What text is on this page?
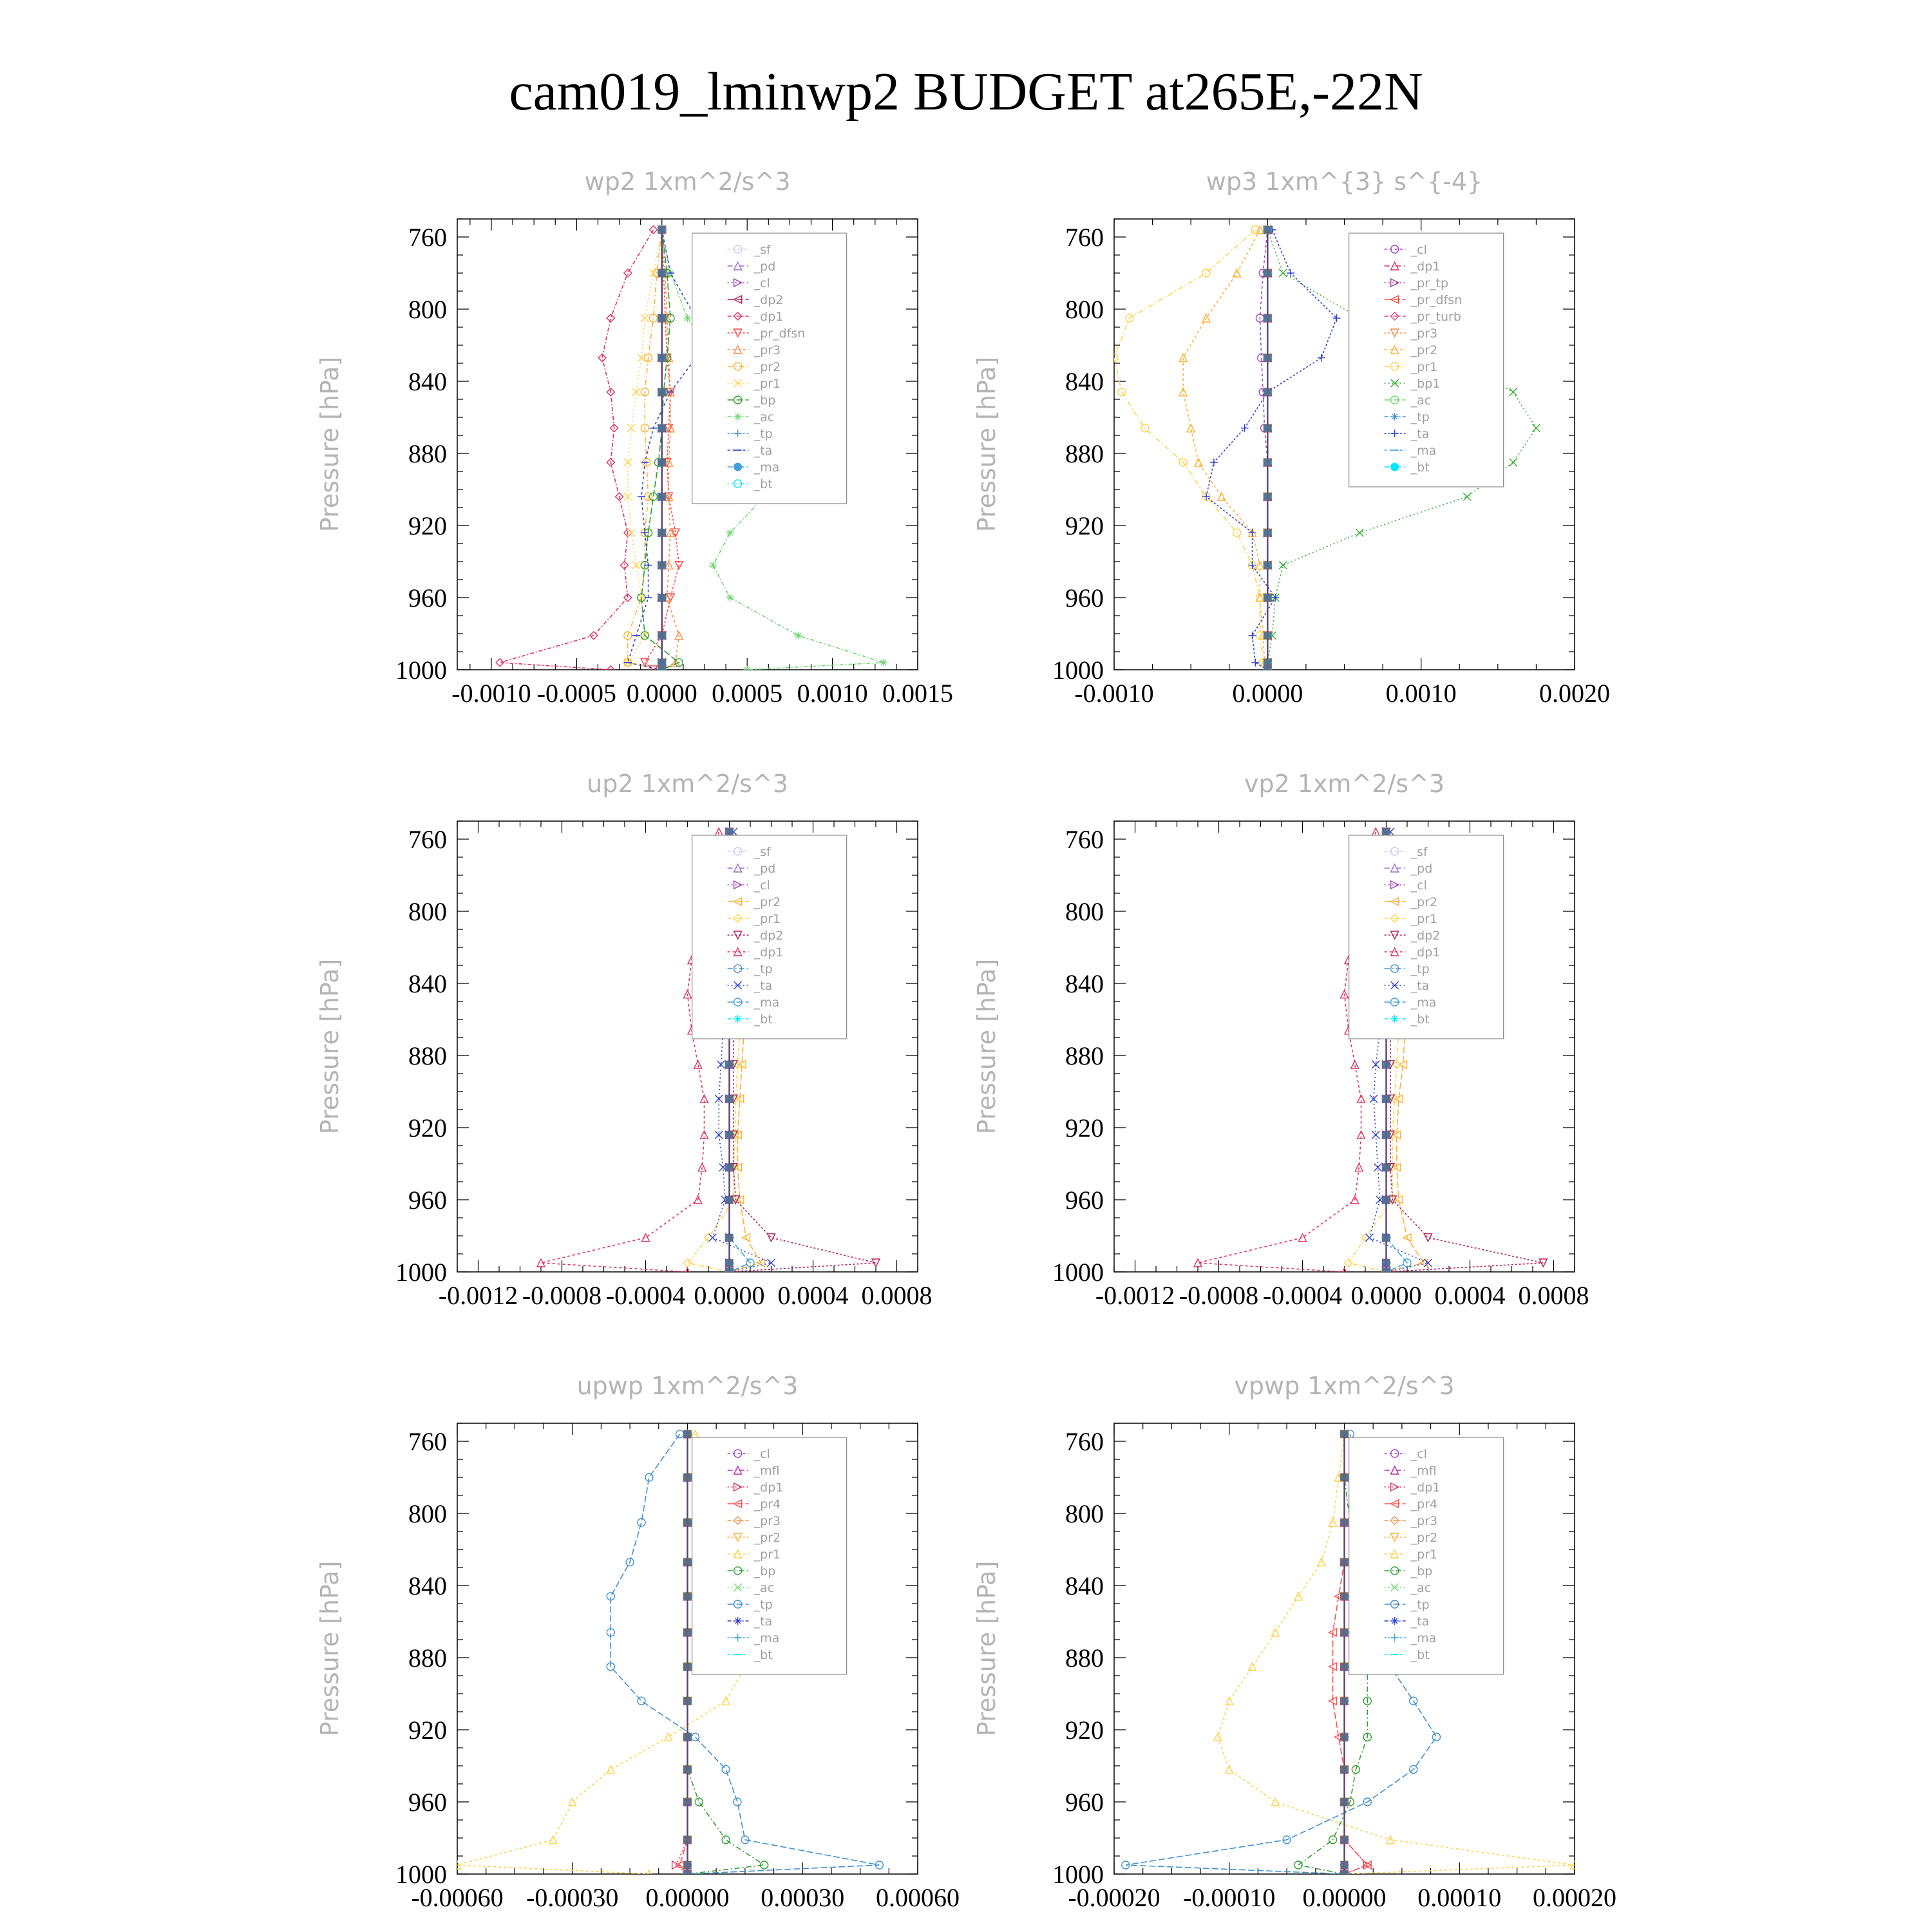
cam019_lminwp2 BUDGET at265E,-22N
wp2 1xm^2/s^3
Pressure [hPa]
760
800
840
880
920
960
1000
-0.0010 -0.0005 0.0000 0.0005 0.0010 0.0015
_sf
_pd
_cl
_dp2
_dp1
_pr_dfsn
_pr3
_pr2
_pr1
_bp
_ac
_tp
_ta
_ma
_bt
wp3 1xm^{3} s^{-4}
Pressure [hPa]
760
800
840
880
920
960
1000
-0.0010	0.0000	0.0010	0.0020
_cl
_dp1
_pr_tp
_pr_dfsn
_pr_turb
_pr3
_pr2
_pr1
_bp1
_ac
_tp
_ta
_ma
_bt
up2 1xm^2/s^3
Pressure [hPa]
760
800
840
880
920
960
1000
-0.0012 -0.0008 -0.0004 0.0000 0.0004 0.0008
_sf
_pd
_cl
_pr2
_pr1
_dp2
_dp1
_tp
_ta
_ma
_bt
vp2 1xm^2/s^3
Pressure [hPa]
760
800
840
880
920
960
1000
-0.0012 -0.0008 -0.0004 0.0000 0.0004 0.0008
_sf
_pd
_cl
_pr2
_pr1
_dp2
_dp1
_tp
_ta
_ma
_bt
upwp 1xm^2/s^3
Pressure [hPa]
760
800
840
880
920
960
1000
-0.00060 -0.00030 0.00000 0.00030 0.00060
_cl
_mfl
_dp1
_pr4
_pr3
_pr2
_pr1
_bp
_ac
_tp
_ta
_ma
_bt
vpwp 1xm^2/s^3
Pressure [hPa]
760
800
840
880
920
960
1000
-0.00020 -0.00010 0.00000 0.00010 0.00020
_cl
_mfl
_dp1
_pr4
_pr3
_pr2
_pr1
_bp
_ac
_tp
_ta
_ma
_bt
